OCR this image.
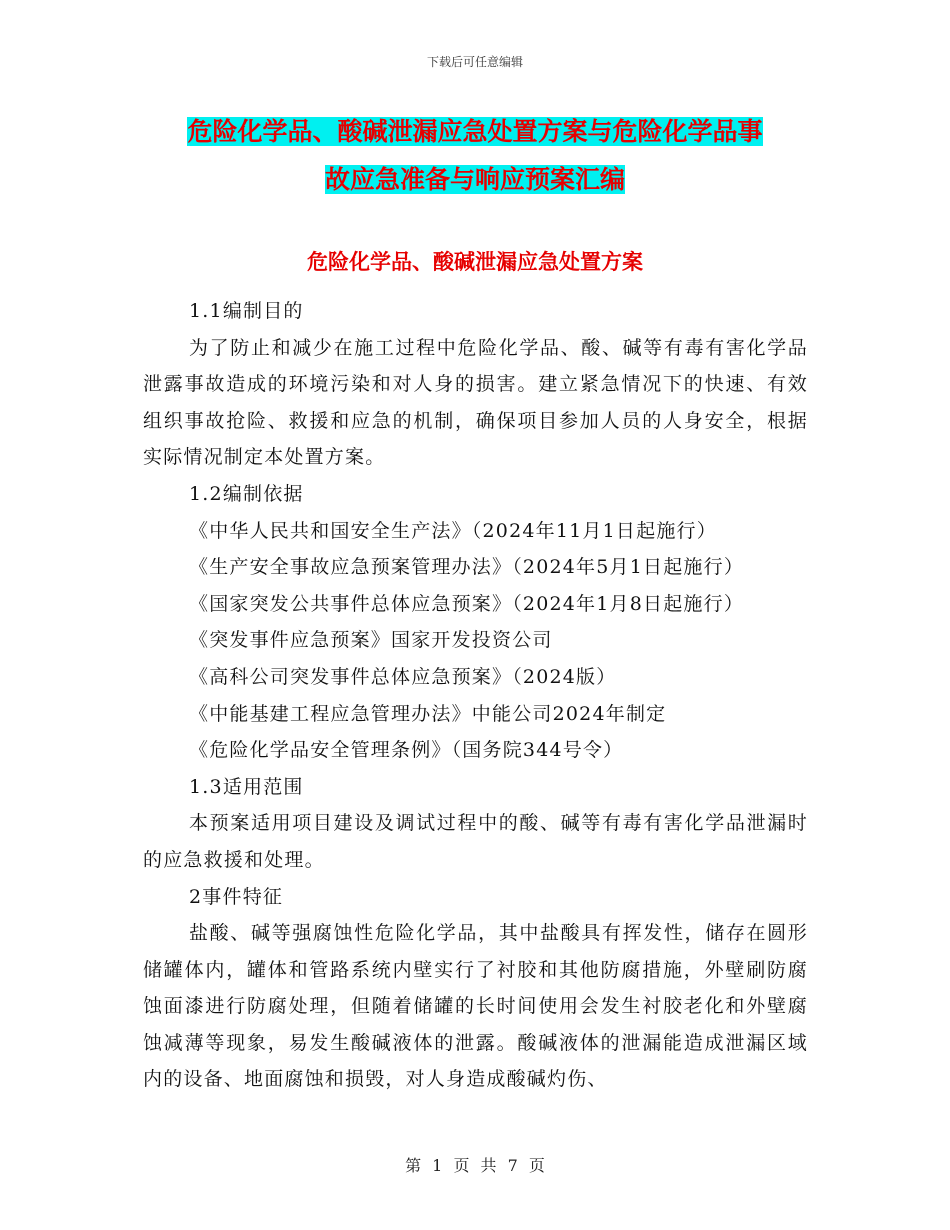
下载后可任意编辑
危险化学品、酸碱泄漏应急处置方案与危险化学品事
故应急准备与响应预案汇编
危险化学品、酸碱泄漏应急处置方案

1.1编制目的

为了防止和减少在施工过程中危险化学品、酸、碱等有毒有害化学品泄露事故造成的环境污染和对人身的损害。建立紧急情况下的快速、有效组织事故抢险、救援和应急的机制，确保项目参加人员的人身安全，根据实际情况制定本处置方案。

1.2编制依据

《中华人民共和国安全生产法》（2024年11月1日起施行）

《生产安全事故应急预案管理办法》（2024年5月1日起施行）

《国家突发公共事件总体应急预案》（2024年1月8日起施行）

《突发事件应急预案》国家开发投资公司

《高科公司突发事件总体应急预案》（2024版）

《中能基建工程应急管理办法》中能公司2024年制定

《危险化学品安全管理条例》（国务院344号令）

1.3适用范围

本预案适用项目建设及调试过程中的酸、碱等有毒有害化学品泄漏时的应急救援和处理。

2事件特征

盐酸、碱等强腐蚀性危险化学品，其中盐酸具有挥发性，储存在圆形储罐体内，罐体和管路系统内壁实行了衬胶和其他防腐措施，外壁刷防腐蚀面漆进行防腐处理，但随着储罐的长时间使用会发生衬胶老化和外壁腐蚀减薄等现象，易发生酸碱液体的泄露。酸碱液体的泄漏能造成泄漏区域内的设备、地面腐蚀和损毁，对人身造成酸碱灼伤、

第 1 页 共 7 页
